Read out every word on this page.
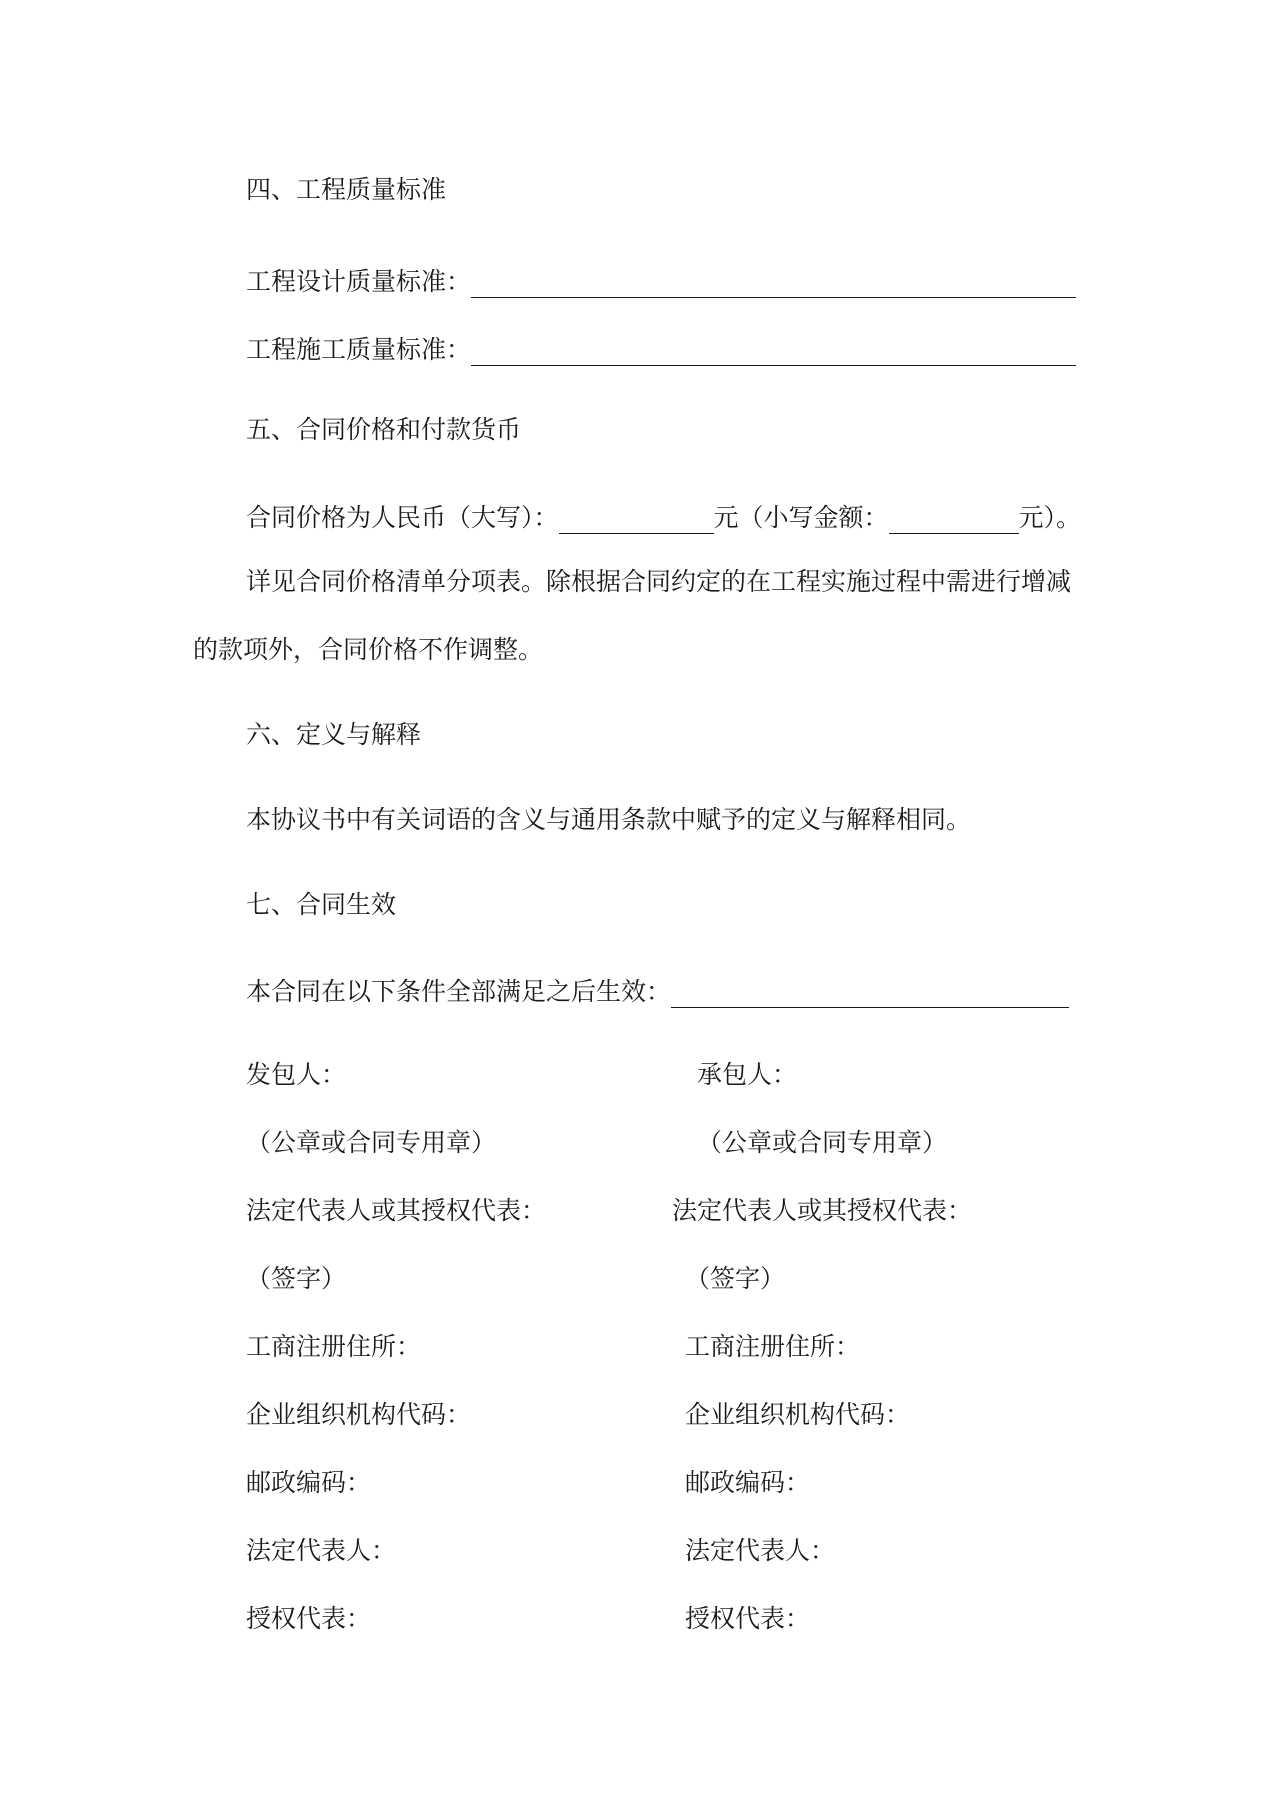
四、工程质量标准
工程设计质量标准：
工程施工质量标准：
五、合同价格和付款货币
合同价格为人民币（大写）：	元（小写金额：	元）。
详见合同价格清单分项表。除根据合同约定的在工程实施过程中需进行增减
的款项外，合同价格不作调整。
六、定义与解释
本协议书中有关词语的含义与通用条款中赋予的定义与解释相同。
七、合同生效
本合同在以下条件全部满足之后生效：
发包人：
（公章或合同专用章）
法定代表人或其授权代表：
（签字）
工商注册住所：
企业组织机构代码：
邮政编码：
法定代表人：
授权代表：
承包人：
（公章或合同专用章）
法定代表人或其授权代表：
（签字）
工商注册住所：
企业组织机构代码：
邮政编码：
法定代表人：
授权代表：
